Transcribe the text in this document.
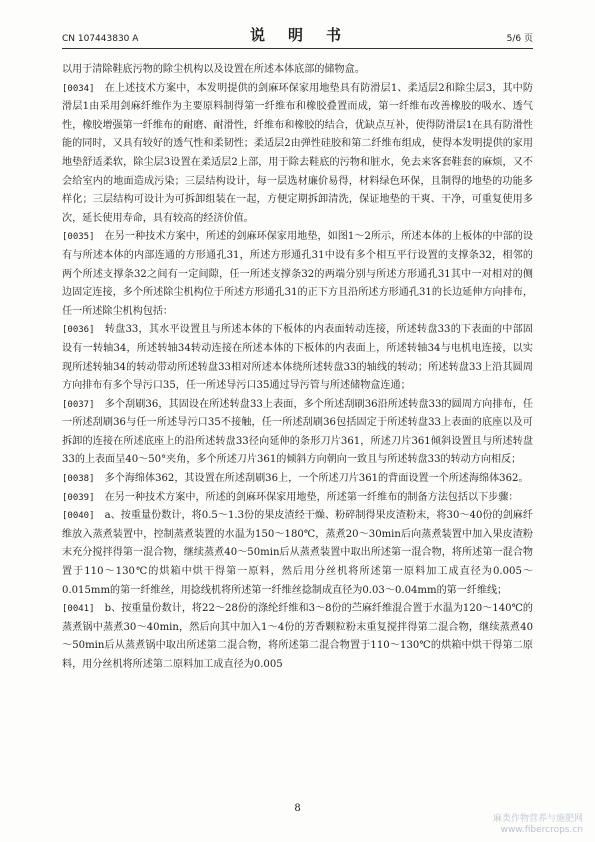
CN 107443830 A	说　明　书	5/6 页

以用于清除鞋底污物的除尘机构以及设置在所述本体底部的储物盒。

[0034]  在上述技术方案中，本发明提供的剑麻环保家用地垫具有防滑层1、柔适层2和除尘层3，其中防滑层1由采用剑麻纤维作为主要原料制得第一纤维布和橡胶叠置而成，第一纤维布改善橡胶的吸水、透气性，橡胶增强第一纤维布的耐磨、耐滑性，纤维布和橡胶的结合，优缺点互补，使得防滑层1在具有防滑性能的同时，又具有较好的透气性和柔韧性；柔适层2由弹性硅胶和第二纤维布组成，使得本发明提供的家用地垫舒适柔软，除尘层3设置在柔适层2上部，用于除去鞋底的污物和脏水，免去来客套鞋套的麻烦，又不会给室内的地面造成污染；三层结构设计，每一层选材廉价易得，材料绿色环保，且制得的地垫的功能多样化；三层结构可设计为可拆卸组装在一起，方便定期拆卸清洗，保证地垫的干爽、干净，可重复使用多次，延长使用寿命，具有较高的经济价值。

[0035]  在另一种技术方案中，所述的剑麻环保家用地垫，如图1～2所示，所述本体的上板体的中部的设有与所述本体的内部连通的方形通孔31，所述方形通孔31中设有多个相互平行设置的支撑条32，相邻的两个所述支撑条32之间有一定间隙，任一所述支撑条32的两端分别与所述方形通孔31其中一对相对的侧边固定连接，多个所述除尘机构位于所述方形通孔31的正下方且沿所述方形通孔31的长边延伸方向排布，任一所述除尘机构包括：

[0036]  转盘33，其水平设置且与所述本体的下板体的内表面转动连接，所述转盘33的下表面的中部固设有一转轴34，所述转轴34转动连接在所述本体的下板体的内表面上，所述转轴34与电机电连接，以实现所述转轴34的转动带动所述转盘33相对所述本体绕所述转盘33的轴线的转动；所述转盘33上沿其圆周方向排布有多个导污口35，任一所述导污口35通过导污管与所述储物盒连通；

[0037]  多个刮刷36，其固设在所述转盘33上表面，多个所述刮刷36沿所述转盘33的圆周方向排布，任一所述刮刷36与任一所述导污口35不接触，任一所述刮刷36包括固定于所述转盘33上表面的底座以及可拆卸的连接在所述底座上的沿所述转盘33径向延伸的条形刀片361，所述刀片361倾斜设置且与所述转盘33的上表面呈40～50°夹角，多个所述刀片361的倾斜方向朝向一致且与所述转盘33的转动方向相反；

[0038]  多个海绵体362，其设置在所述刮刷36上，一个所述刀片361的背面设置一个所述海绵体362。

[0039]  在另一种技术方案中，所述的剑麻环保家用地垫，所述第一纤维布的制备方法包括以下步骤：

[0040]  a、按重量份数计，将0.5～1.3份的果皮渣经干燥、粉碎制得果皮渣粉末，将30～40份的剑麻纤维放入蒸煮装置中，控制蒸煮装置的水温为150～180℃，蒸煮20～30min后向蒸煮装置中加入果皮渣粉末充分搅拌得第一混合物，继续蒸煮40～50min后从蒸煮装置中取出所述第一混合物，将所述第一混合物置于110～130℃的烘箱中烘干得第一原料，然后用分丝机将所述第一原料加工成直径为0.005～0.015mm的第一纤维丝，用捻线机将所述第一纤维丝捻制成直径为0.03～0.04mm的第一纤维线；

[0041]  b、按重量份数计，将22～28份的涤纶纤维和3～8份的苎麻纤维混合置于水温为120～140℃的蒸煮锅中蒸煮30～40min，然后向其中加入1～4份的芳香颗粒粉末重复搅拌得第二混合物，继续蒸煮40～50min后从蒸煮锅中取出所述第二混合物，将所述第二混合物置于110～130℃的烘箱中烘干得第二原料，用分丝机将所述第二原料加工成直径为0.005

8
麻类作物营养与施肥网
www.fibercrops.cn
